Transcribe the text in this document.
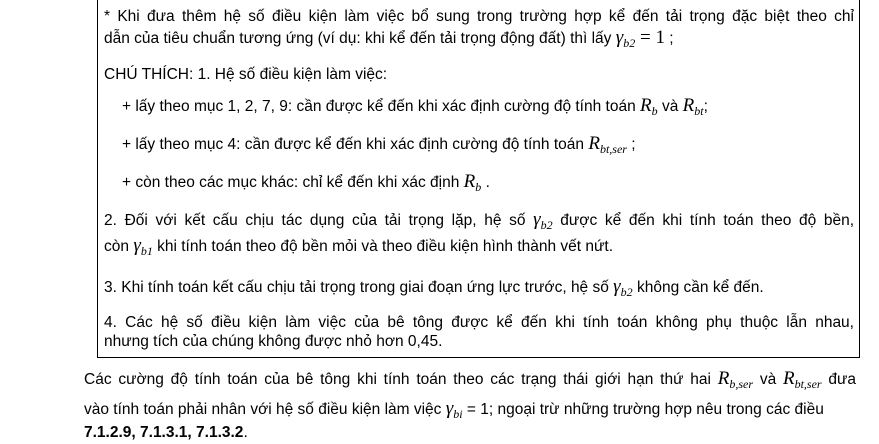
* Khi đưa thêm hệ số điều kiện làm việc bổ sung trong trường hợp kể đến tải trọng đặc biệt theo chỉ
dẫn của tiêu chuẩn tương ứng (ví dụ: khi kể đến tải trọng động đất) thì lấy $\gamma_{b2} = 1$ ;
CHÚ THÍCH: 1. Hệ số điều kiện làm việc:
+ lấy theo mục 1, 2, 7, 9: cần được kể đến khi xác định cường độ tính toán $R_b$ và $R_{bt}$;
+ lấy theo mục 4: cần được kể đến khi xác định cường độ tính toán $R_{bt,ser}$ ;
+ còn theo các mục khác: chỉ kể đến khi xác định $R_b$ .
2. Đối với kết cấu chịu tác dụng của tải trọng lặp, hệ số $\gamma_{b2}$ được kể đến khi tính toán theo độ bền,
còn $\gamma_{b1}$ khi tính toán theo độ bền mỏi và theo điều kiện hình thành vết nứt.
3. Khi tính toán kết cấu chịu tải trọng trong giai đoạn ứng lực trước, hệ số $\gamma_{b2}$ không cần kể đến.
4. Các hệ số điều kiện làm việc của bê tông được kể đến khi tính toán không phụ thuộc lẫn nhau,
nhưng tích của chúng không được nhỏ hơn 0,45.
Các cường độ tính toán của bê tông khi tính toán theo các trạng thái giới hạn thứ hai $R_{b,ser}$ và $R_{bt,ser}$ đưa
vào tính toán phải nhân với hệ số điều kiện làm việc $\gamma_{bi} = 1$; ngoại trừ những trường hợp nêu trong các điều
7.1.2.9, 7.1.3.1, 7.1.3.2.
